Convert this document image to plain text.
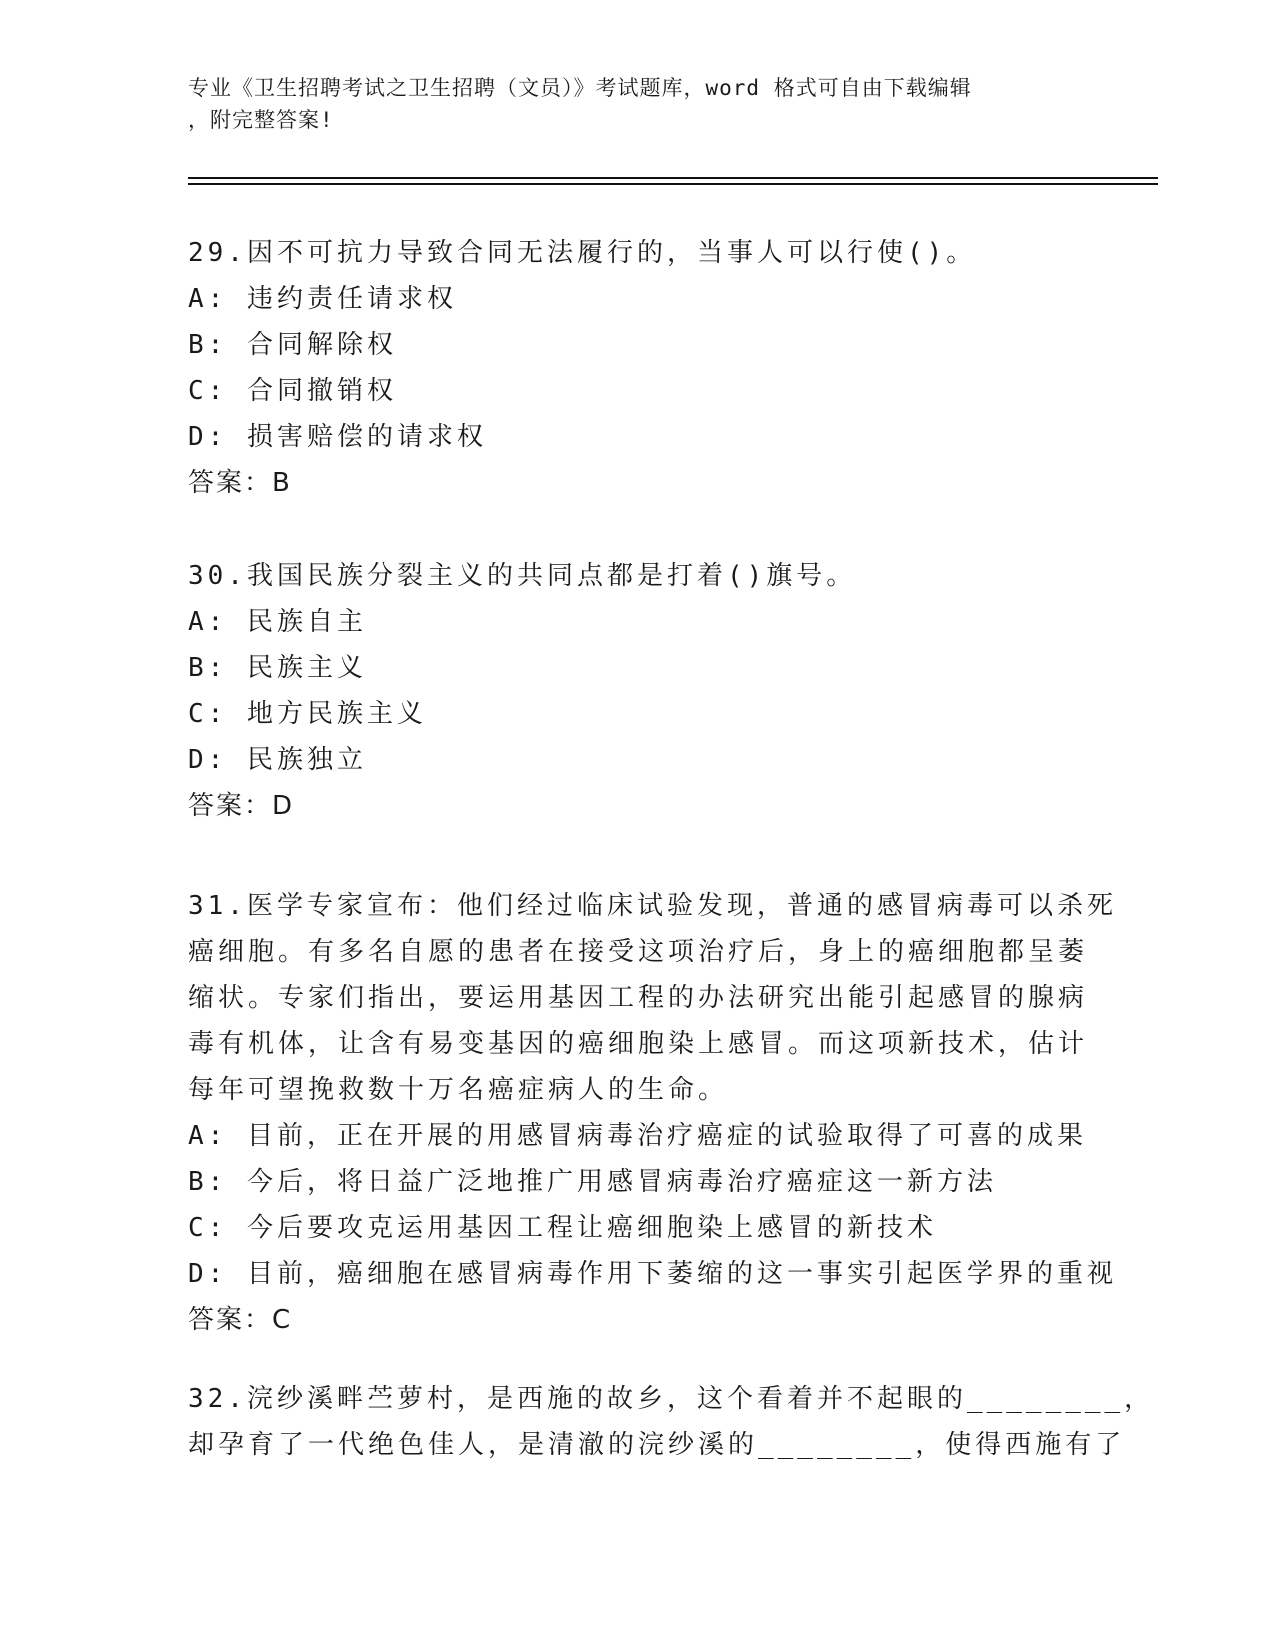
专业《卫生招聘考试之卫生招聘（文员）》考试题库，word 格式可自由下载编辑
，附完整答案!
29.因不可抗力导致合同无法履行的，当事人可以行使()。
A: 违约责任请求权
B: 合同解除权
C: 合同撤销权
D: 损害赔偿的请求权
答案：B
30.我国民族分裂主义的共同点都是打着()旗号。
A: 民族自主
B: 民族主义
C: 地方民族主义
D: 民族独立
答案：D
31.医学专家宣布：他们经过临床试验发现，普通的感冒病毒可以杀死
癌细胞。有多名自愿的患者在接受这项治疗后，身上的癌细胞都呈萎
缩状。专家们指出，要运用基因工程的办法研究出能引起感冒的腺病
毒有机体，让含有易变基因的癌细胞染上感冒。而这项新技术，估计
每年可望挽救数十万名癌症病人的生命。
A: 目前，正在开展的用感冒病毒治疗癌症的试验取得了可喜的成果
B: 今后，将日益广泛地推广用感冒病毒治疗癌症这一新方法
C: 今后要攻克运用基因工程让癌细胞染上感冒的新技术
D: 目前，癌细胞在感冒病毒作用下萎缩的这一事实引起医学界的重视
答案：C
32.浣纱溪畔苎萝村，是西施的故乡，这个看着并不起眼的________，
却孕育了一代绝色佳人，是清澈的浣纱溪的________，使得西施有了
